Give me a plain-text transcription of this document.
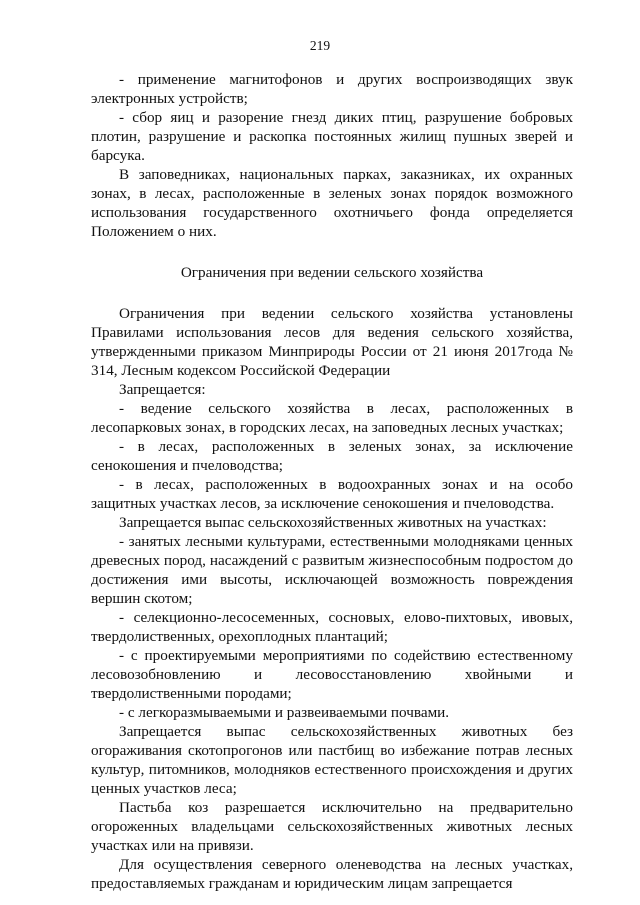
219

- применение магнитофонов и других воспроизводящих звук электронных устройств;

- сбор яиц и разорение гнезд диких птиц, разрушение бобровых плотин, разрушение и раскопка постоянных жилищ пушных зверей и барсука.

В заповедниках, национальных парках, заказниках, их охранных зонах, в лесах, расположенные в зеленых зонах порядок возможного использования государственного охотничьего фонда определяется Положением о них.

Ограничения при ведении сельского хозяйства

Ограничения при ведении сельского хозяйства установлены Правилами использования лесов для ведения сельского хозяйства, утвержденными приказом Минприроды России от 21 июня 2017года № 314, Лесным кодексом Российской Федерации

Запрещается:

- ведение сельского хозяйства в лесах, расположенных в лесопарковых зонах, в городских лесах, на заповедных лесных участках;

- в лесах, расположенных в зеленых зонах, за исключение сенокошения и пчеловодства;

- в лесах, расположенных в водоохранных зонах и на особо защитных участках лесов, за исключение сенокошения и пчеловодства.

Запрещается выпас сельскохозяйственных животных на участках:

- занятых лесными культурами, естественными молодняками ценных древесных пород, насаждений с развитым жизнеспособным подростом до достижения ими высоты, исключающей возможность повреждения вершин скотом;

- селекционно-лесосеменных, сосновых, елово-пихтовых, ивовых, твердолиственных, орехоплодных плантаций;

- с проектируемыми мероприятиями по содействию естественному лесовозобновлению и лесовосстановлению хвойными и твердолиственными породами;

- с легкоразмываемыми и развеиваемыми почвами.

Запрещается выпас сельскохозяйственных животных без огораживания скотопрогонов или пастбищ во избежание потрав лесных культур, питомников, молодняков естественного происхождения и других ценных участков леса;

Пастьба коз разрешается исключительно на предварительно огороженных владельцами сельскохозяйственных животных лесных участках или на привязи.

Для осуществления северного оленеводства на лесных участках, предоставляемых гражданам и юридическим лицам запрещается
